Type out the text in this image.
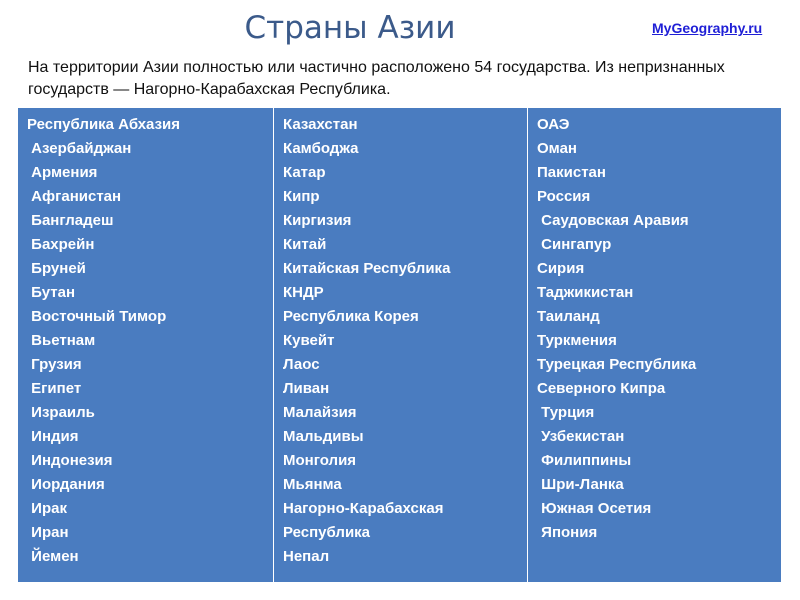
Страны Азии	MyGeography.ru
На территории Азии полностью или частично расположено 54 государства. Из непризнанных государств — Нагорно-Карабахская Республика.
Республика Абхазия
Азербайджан
Армения
Афганистан
Бангладеш
Бахрейн
Бруней
Бутан
Восточный Тимор
Вьетнам
Грузия
Египет
Израиль
Индия
Индонезия
Иордания
Ирак
Иран
Йемен
Казахстан
Камбоджа
Катар
Кипр
Киргизия
Китай
Китайская Республика
КНДР
Республика Корея
Кувейт
Лаос
Ливан
Малайзия
Мальдивы
Монголия
Мьянма
Нагорно-Карабахская
Республика
Непал
ОАЭ
Оман
Пакистан
Россия
Саудовская Аравия
Сингапур
Сирия
Таджикистан
Таиланд
Туркмения
Турецкая Республика
Северного Кипра
Турция
Узбекистан
Филиппины
Шри-Ланка
Южная Осетия
Япония
